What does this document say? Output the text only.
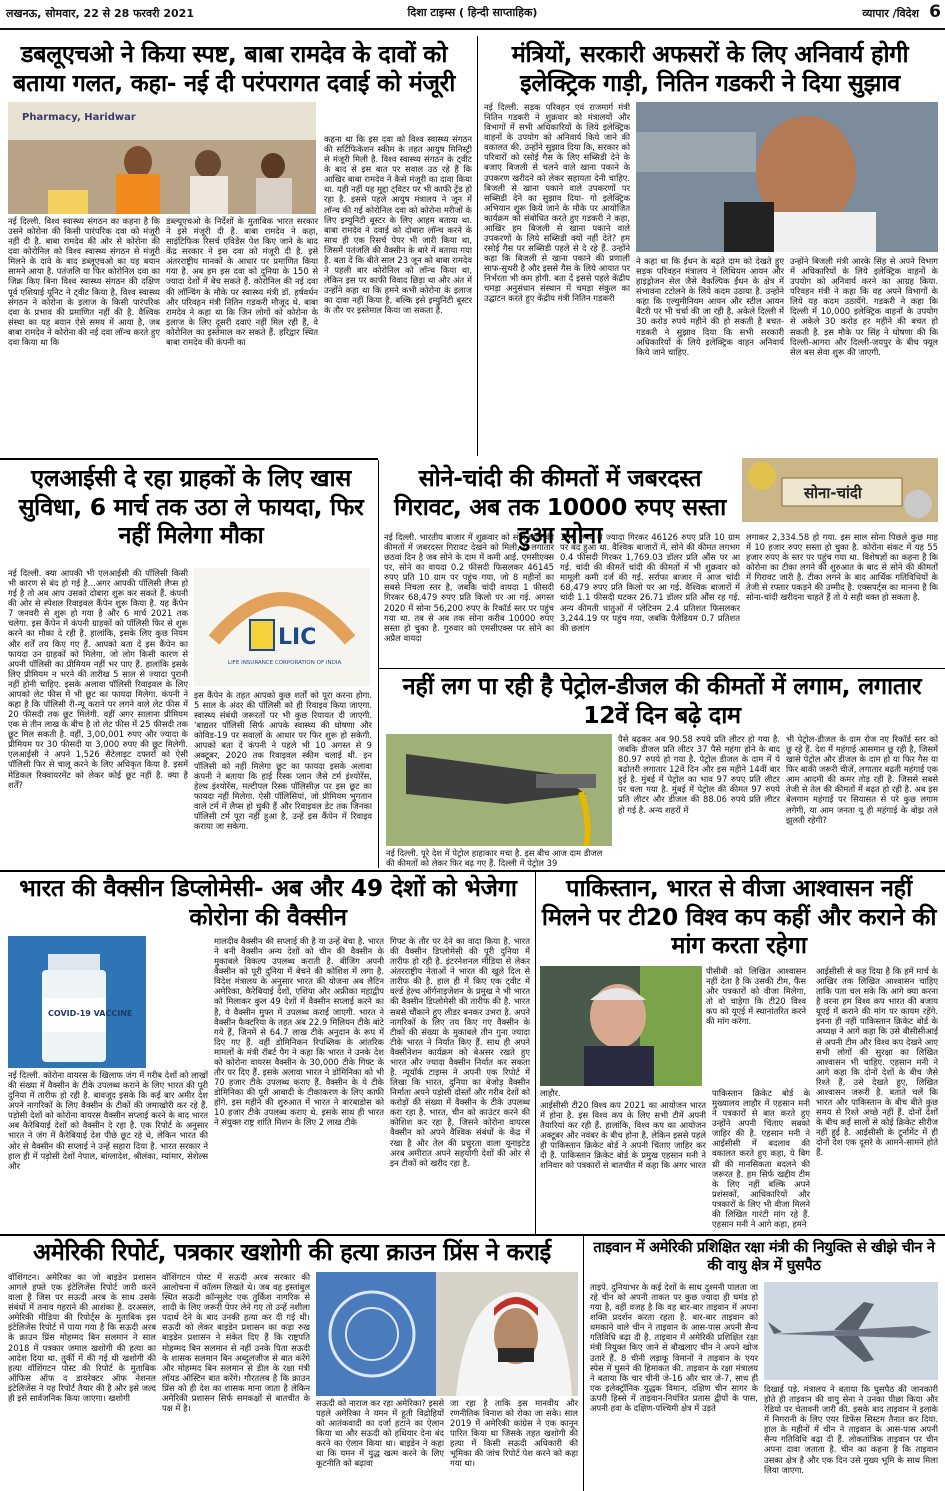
लखनऊ, सोमवार, 22 से 28 फरवरी 2021	दिशा टाइम्स ( हिन्दी साप्ताहिक)	व्यापार /विदेश 6
डबलूएचओ ने किया स्पष्ट, बाबा रामदेव के दावों को बताया गलत, कहा- नई दी परंपरागत दवाई को मंजूरी
Pharmacy, Haridwar
नई दिल्ली. विश्व स्वास्थ्य संगठन का कहना है कि उसने कोरोना की किसी पारंपरिक दवा को मंजूरी नहीं दी है. बाबा रामदेव की ओर से कोरोना की दवा कोरोनिल को विश्व स्वास्थ्य संगठन से मंजूरी मिलने के दावे के बाद डब्लूएचओ का यह बयान सामने आया है. पतंजलि या फिर कोरोनिल दवा का जिक्र किए बिना विश्व स्वास्थ्य संगठन की दक्षिण पूर्व एशियाई यूनिट ने ट्वीट किया है, विश्व स्वास्थ्य संगठन ने कोरोना के इलाज के किसी पारंपरिक दवा के प्रभाव की प्रमाणित नहीं की है. वैश्विक संस्था का यह बयान ऐसे समय में आया है, जब बाबा रामदेव ने कोरोना की नई दवा लॉन्च करते हुए दवा किया था कि
डब्ल्यूएचओ के निर्देशों के मुताबिक भारत सरकार ने इसे मंजूरी दी है. बाबा रामदेव ने कहा, साइंटिफिक रिसर्च एविडेंस पेश किए जाने के बाद केंद्र सरकार ने इस दवा को मंजूरी दी है. इसे अंतरराष्ट्रीय मानकों के आधार पर प्रमाणित किया गया है. अब हम इस दवा को दुनिया के 150 से ज्यादा देशों में बेच सकते हैं. कोरोनिल की नई दवा की लॉन्चिंग के मौके पर स्वास्थ्य मंत्री डॉ. हर्षवर्धन और परिवहन मंत्री नितिन गडकरी मौजूद थे. बाबा रामदेव ने कहा था कि जिन लोगों को कोरोना के इलाज के लिए दूसरी दवाएं नहीं मिल रही हैं, वे कोरोनिल का इस्तेमाल कर सकते हैं. हरिद्वार स्थित बाबा रामदेव की कंपनी का
कहना था कि इस दवा को विश्व स्वास्थ्य संगठन की सर्टिफिकेशन स्कीम के तहत आयुष मिनिस्ट्री से मंजूरी मिली है. विश्व स्वास्थ्य संगठन के ट्वीट के बाद से इस बात पर सवाल उठ रहे हैं कि आखिर बाबा रामदेव ने कैसे मंजूरी का दावा किया था. यही नहीं यह मुद्दा ट्विटर पर भी काफी ट्रेंड हो रहा है. इससे पहले आयुष मंत्रालय ने जून में लॉन्च की गई कोरोनिल दवा को कोरोना मरीजों के लिए इम्युनिटी बूस्टर के लिए आहम बताया था. बाबा रामदेव ने दवाई को दोबारा लॉन्च करने के साथ ही एक रिसर्च पेपर भी जारी किया था, जिसमें पतंजलि की वैक्सीन के बारे में बताया गया है. बता दें कि बीते साल 23 जून को बाबा रामदेव ने पहली बार कोरोनिल को लॉन्च किया था, लेकिन इस पर काफी विवाद छिड़ा था और अंत में उन्होंने कहा था कि हमने कभी कोरोना के इलाज का दावा नहीं किया है, बल्कि इसे इम्युनिटी बूस्टर के तौर पर इस्तेमाल किया जा सकता है.
मंत्रियों, सरकारी अफसरों के लिए अनिवार्य होगी इलेक्ट्रिक गाड़ी, नितिन गडकरी ने दिया सुझाव
नई दिल्ली. सड़क परिवहन एवं राजमार्ग मंत्री नितिन गडकरी ने शुक्रवार को मंत्रालयों और विभागों में सभी अधिकारियों के लिये इलेक्ट्रिक वाहनों के उपयोग को अनिवार्य किये जाने की वकालत की. उन्होंने सुझाव दिया कि, सरकार को परिवारों को रसोई गैस के लिए सब्सिडी देने के बजाए बिजली से चलने वाले खाना पकाने के उपकरण खरीदने को लेकर सहायता देनी चाहिए. बिजली से खाना पकाने वाले उपकरणों पर सब्सिडी देने का सुझाव दिया- गो इलेक्ट्रिक अभियान शुरू किये जाने के मौके पर आयोजित कार्यक्रम को संबोधित करते हुए गडकरी ने कहा, आखिर हम बिजली से खाना पकाने वाले उपकरणों के लिये सब्सिडी क्यों नहीं देते? हम रसोई गैस पर सब्सिडी पहले से दे रहे हैं. उन्होंने कहा कि बिजली से खाना पकाने की प्रणाली साफ-सुथरी है और इससे गैस के लिये आयात पर निर्भरता भी कम होगी. बता दें इससे पहले केंद्रीय चमड़ा अनुसंधान संस्थान में चमड़ा संकुल का उद्घाटन करते हुए केंद्रीय मंत्री नितिन गडकरी
ने कहा था कि ईंधन के बढ़ते दाम को देखते हुए सड़क परिवहन मंत्रालय ने लिथियम आयन और हाइड्रोजन सेल जैसे वैकल्पिक ईंधन के क्षेत्र में संभावना टटोलने के लिये कदम उठाया है. उन्होंने कहा कि एल्युमीनियम आयन और स्टील आयन बैटरी पर भी चर्चा की जा रही है. अकेले दिल्ली में 30 करोड़ रुपये महीने की हो सकती है बचत- गडकरी ने सुझाव दिया कि सभी सरकारी अधिकारियों के लिये इलेक्ट्रिक वाहन अनिवार्य किये जाने चाहिए.
उन्होंने बिजली मंत्री आरके सिंह से अपने विभाग में अधिकारियों के लिये इलेक्ट्रिक वाहनों के उपयोग को अनिवार्य करने का आग्रह किया. परिवहन मंत्री ने कहा कि वह अपने विभागों के लिये यह कदम उठायेंगे. गडकरी ने कहा कि दिल्ली में 10,000 इलेक्ट्रिक वाहनों के उपयोग से अकेले 30 करोड़ हर महीने की बचत हो सकती है. इस मौके पर सिंह ने घोषणा की कि दिल्ली-आगरा और दिल्ली-जयपुर के बीच फ्यूल सेल बस सेवा शुरू की जाएगी.
एलआईसी दे रहा ग्राहकों के लिए खास सुविधा, 6 मार्च तक उठा ले फायदा, फिर नहीं मिलेगा मौका
नई दिल्ली. क्या आपकी भी एलआईसी की पॉलिसी किसी भी कारण से बंद हो गई है...अगर आपकी पॉलिसी लैप्स हो गई है तो अब आप उसको दोबारा शुरू कर सकते हैं. कंपनी की ओर से स्पेशल रिवाइवल कैंपेन शुरू किया है. यह कैंपेन 7 जनवरी से शुरू हो गया है और 6 मार्च 2021 तक चलेगा. इस कैंपेन में कंपनी ग्राहकों को पॉलिसी फिर से शुरू करने का मौका दे रही है. हालांकि, इसके लिए कुछ नियम और शर्तें तय किए गए हैं. आपको बता दें इस कैंपेन का फायदा उन ग्राहकों को मिलेगा, जो लोग किसी कारण से अपनी पॉलिसी का प्रीमियम नहीं भर पाए हैं. हालांकि इसके लिए प्रीमियम न भरने की तारीख 5 साल से ज्यादा पुरानी नहीं होनी चाहिए. इसके अलावा पॉलिसी रिवाइवल के लिए आपको लेट फीस में भी छूट का फायदा मिलेगा. कंपनी ने कहा है कि पॉलिसी री-न्यू कराने पर लगने वाले लेट फीस में 20 फीसदी तक छूट मिलेगी. वहीं अगर सालाना प्रीमियम एक से तीन लाख के बीच है तो लेट फीस में 25 फीसदी तक छूट मिल सकती है. वहीं, 3,00,001 रुपए और ज्यादा के प्रीमियम पर 30 फीसदी या 3,000 रुपए की छूट मिलेगी. एलआईसी ने अपने 1,526 सैटेलाइट दफ्तरों को ऐसी पॉलिसी फिर से चालू करने के लिए अधिकृत किया है. इसमें मेडिकल रिक्वायरमेंट को लेकर कोई छूट नहीं है. क्या है शर्तें?
LIC
LIFE INSURANCE CORPORATION OF INDIA
इस कैंपेन के तहत आपको कुछ शर्तों को पूरा करना होगा. 5 साल के अंदर की पॉलिसी को ही रिवाइव किया जाएगा. स्वास्थ्य संबंधी जरूरतों पर भी कुछ रियायत दी जाएगी. 'बाद्यतर पॉलिसी सिर्फ आपके स्वास्थ्य की घोषणा और कोविड-19 पर सवालों के आधार पर फिर शुरू हो सकेगी. आपको बता दें कंपनी ने पहले भी 10 अगस्त से 9 अक्टूबर, 2020 तक रिवाइवल स्कीम चलाई थी. इन पॉलिसी को नहीं मिलेगा छूट का फायदा इसके अलावा कंपनी ने बताया कि हाई रिस्क प्लान जैसे टर्म इंश्योरेंस, हेल्थ इंश्योरेंस, मल्टीपल रिस्क पॉलिसीज़ पर इस छूट का फायदा नहीं मिलेगा. ऐसी पॉलिसियां, जो प्रीमियम भुगतान वाले टर्म में लैप्स हो चुकी हैं और रिवाइवल डेट तक जिनका पॉलिसी टर्म पूरा नहीं हुआ है, उन्हें इस कैंपेन में रिवाइव कराया जा सकेगा.
सोने-चांदी की कीमतों में जबरदस्त गिरावट, अब तक 10000 रुपए सस्ता हुआ सोना
सोना-चांदी
नई दिल्ली. भारतीय बाजार में शुक्रवार को सोने-चांदी की कीमतों में जबरदस्त गिरावट देखने को मिली, ये लगातार छठवां दिन है जब सोने के दाम में कमी आई. एमसीएक्स पर, सोने का वायदा 0.2 फीसदी फिसलकर 46145 रुपए प्रति 10 ग्राम पर पहुंच गया, जो 8 महीनों का सबसे निचला स्तर है, जबकि चांदी वायदा 1 फीसदी गिरकर 68,479 रुपए प्रति किलो पर आ गई. अगस्त 2020 में सोना 56,200 रुपए के रिकॉर्ड स्तर पर पहुंच गया था. तब से अब तक सोना करीब 10000 रुपए सस्ता हो चुका है. गुरुवार को एमसीएक्स पर सोने का अप्रैल वायदा
100 रुपए से ज्यादा गिरकर 46126 रुपए प्रति 10 ग्राम पर बंद हुआ था. वैश्विक बाजारों में, सोने की कीमत लगभग 0.4 फीसदी गिरकर 1,769.03 डॉलर प्रति औंस पर आ गई. चांदी की कीमतें चांदी की कीमतों में भी शुक्रवार को मामूली कमी दर्ज की गई. सर्राफा बाजार में आज चांदी 68,479 रुपए प्रति किलो पर आ गई. वैश्विक बाजारों में चांदी 1.1 फीसदी घटकर 26.71 डॉलर प्रति औंस रह गई. अन्य कीमती धातुओं में प्लेटिनम 2.4 प्रतिशत फिसलकर 3,244.19 पर पहुंच गया, जबकि पैलेडियम 0.7 प्रतिशत की छलांग
लगाकर 2,334.58 हो गया. इस साल सोना पिछले कुछ माह में 10 हजार रुपए सस्ता हो चुका है. कोरोना संकट में यह 55 हजार रुपए के स्तर पर पहुंच गया था. विशेषज्ञों का कहना है कि कोरोना का टीका लगने की शुरुआत के बाद से सोने की कीमतों में गिरावट जारी है. टीका लगने के बाद आर्थिक गतिविधियों के तेजी से रफ्तार पकड़ने की उम्मीद है. एक्सपर्ट्स का मानना है कि सोना-चांदी खरीदना चाहते हैं तो ये सही वक्त हो सकता है.
नहीं लग पा रही है पेट्रोल-डीजल की कीमतों में लगाम, लगातार 12वें दिन बढ़े दाम
नई दिल्ली. पूरे देश में पेट्रोल हाहाकार मचा है. इस बीच आज दाम डीजल की कीमतों को लेकर फिर बढ़ गए हैं. दिल्ली में पेट्रोल 39
पैसे बढ़कर अब 90.58 रुपये प्रति लीटर हो गया है. जबकि डीजल प्रति लीटर 37 पैसे महंगा होने के बाद 80.97 रुपये हो गया है. पेट्रोल डीजल के दाम में ये बढ़ोतरी लगातार 12वें दिन और इस महीने 14वीं बार हुई है. मुंबई में पेट्रोल का भाव 97 रुपए प्रति लीटर पर चला गया है. मुंबई में पेट्रोल की कीमत 97 रुपये प्रति लीटर और डीजल की 88.06 रुपये प्रति लीटर हो गई है. अन्य शहरों में
भी पेट्रोल-डीजल के दाम रोज नए रिकॉर्ड स्तर को छू रहे हैं. देश में महंगाई आसमान छू रही है, जिसमें खासे पेट्रोल और डीजल के दाम हो या फिर गैस या फिर बाकी जरूरी चीजें, लगातार बढ़ती महंगाई एक आम आदमी की कमर तोड़ रही है. जिससे सबसे तेजी से तेल की कीमतों में बढ़त हो रही है. अब इस बेलगाम महंगाई पर सियासत से परे कुछ लगाम लगेगी, या आम जनता यू ही महंगाई के बोझ तले झुलती रहेगी?
भारत की वैक्सीन डिप्लोमेसी- अब और 49 देशों को भेजेगा कोरोना की वैक्सीन
COVID-19 VACCINE
नई दिल्ली. कोरोना वायरस के खिलाफ जंग में गरीब देशों को लाखों की संख्या में वैक्सीन के टीके उपलब्ध कराने के लिए भारत की पूरी दुनिया में तारीफ हो रही है. बावजूद इसके कि कई बार अमीर देश अपने नागरिकों के लिए वैक्सीन के टीकों की जमाखोरी कर रहे हैं. पड़ोसी देशों को कोरोना वायरस वैक्सीन सप्लाई करने के बाद भारत अब कैरेबियाई देशों को वैक्सीन दे रहा है. एक रिपोर्ट के अनुसार भारत ने जंग में कैरेबियाई देश पीछे छूट रहे थे, लेकिन भारत की ओर से वैक्सीन की सप्लाई ने उन्हें सहारा दिया है. भारत सरकार ने हाल ही में पड़ोसी देशों नेपाल, बांग्लादेश, श्रीलंका, म्यांमार, सेशेल्स और
मालदीव वैक्सीन की सप्लाई की है या उन्हें बेचा है. भारत ने बनी वैक्सीन अन्य देशों को चीन की वैक्सीन के मुकाबले विकल्प उपलब्ध कराती है. बीजिंग अपनी वैक्सीन को पूरी दुनिया में बेचने की कोशिश में लगा है. विदेश मंत्रालय के अनुसार भारत की योजना अब लैटिन अमेरिका, कैरेबियाई देशों, एशिया और अफ्रीका महाद्वीप को मिलाकर कुल 49 देशों में वैक्सीन सप्लाई करने का है, ये वैक्सीन मुफ्त में उपलब्ध कराई जाएगी. भारत ने वैक्सीन फैक्टरिया के तहत अब 22.9 मिलियन टीके बांटे गये हैं, जिनमें से 64.7 लाख टीके अनुदान के रूप में दिए गए हैं. वहीं डोमिनिकन रिपब्लिक के आंतरिक मामलों के मंत्री रॉबर्ट पैग ने कहा कि भारत ने उनके देश को कोरोना वायरस वैक्सीन के 30,000 टीके गिफ्ट के तौर पर दिए हैं. इसके अलावा भारत ने डोमिनिका को भी 70 हजार टीके उपलब्ध कराए हैं. वैक्सीन के ये टीके डोमिनिका की पूरी आबादी के टीकाकरण के लिए काफी होंगे. इस महीने की शुरुआत में भारत ने बारबाडोस को 10 हजार टीके उपलब्ध कराए थे. इसके साथ ही भारत ने संयुक्त राष्ट्र शांति मिशन के लिए 2 लाख टीके
गिफ्ट के तौर पर देने का वादा किया है. भारत की वैक्सीन डिप्लोमेसी की पूरी दुनिया में तारीफ हो रही है. इंटरनेशनल मीडिया से लेकर अंतरराष्ट्रीय नेताओं ने भारत की खुले दिल से तारीफ की है. हाल ही में किए एक ट्वीट में वर्ल्ड हेल्थ ऑर्गनाइजेशन के प्रमुख ने भी भारत की वैक्सीन डिप्लोमेसी की तारीफ की है. भारत सबसे चौंकाने हुए लीडर बनकर उभरा है. अपने नागरिकों के लिए तय किए गए वैक्सीन के टीकों की संख्या के मुकाबले तीन गुना ज्यादा टीके भारत ने निर्यात किए हैं. साथ ही अपने वैक्सीनेशन कार्यक्रम को बेअसर रखते हुए भारत और ज्यादा वैक्सीन निर्यात कर सकता है. न्यूयॉर्क टाइम्स ने अपनी एक रिपोर्ट में लिखा कि भारत, दुनिया का बेजोड़ वैक्सीन निर्माता अपने पड़ोसी दोस्तों और गरीब देशों को करोड़ों की संख्या में वैक्सीन के टीके उपलब्ध करा रहा है. भारत, चीन को काउंटर करने की कोशिश कर रहा है, जिसने कोरोना वायरस वैक्सीन को अपने वैश्विक संबंधों के केंद्र में रखा है और तेल की प्रचुरता वाला यूनाइटेड अरब अमीरात अपने सहयोगी देशों की ओर से इन टीकों को खरीद रहा है.
पाकिस्तान, भारत से वीजा आश्वासन नहीं मिलने पर टी20 विश्व कप कहीं और कराने की मांग करता रहेगा
लाहौर.
पीसीबी को लिखित आश्वासन नहीं देता है कि उसकी टीम, फैंस और पत्रकारों को वीजा मिलेगा, तो वो चाहेगा कि टी20 विश्व कप को यूएई में स्थानांतरित करने की मांग करेगा.
आईसीसी टी20 विश्व कप 2021 का आयोजन भारत में होना है. इस विश्व कप के लिए सभी टीमें अपनी तैयारियां कर रही हैं. हालांकि, विश्व कप का आयोजन अक्टूबर और नवंबर के बीच होना है, लेकिन इससे पहले ही पाकिस्तान क्रिकेट बोर्ड ने अपनी चिंताए जाहिर कर दी हैं. पाकिस्तान क्रिकेट बोर्ड के प्रमुख एहसान मनी ने शनिवार को पत्रकारों से बातचीत में कहा कि अगर भारत
पाकिस्तान क्रिकेट बोर्ड के मुख्यालय लाहौर में एहसान मनी ने पत्रकारों से बात करते हुए उन्होंने अपनी चिंताए सबको जाहिर की है. एहसान मनी ने आईसीसी में बदलाव की वकालत करते हुए कहा, ये बिग थ्री की मानसिकता बदलने की जरूरत है. हम सिर्फ खद्दीय टीम के लिए नहीं बल्कि अपने प्रशंसकों, आधिकारियों और पत्रकारों के लिए भी वीजा मिलने की लिखित गारंटी मांग रहे हैं. एहसान मनी ने आगे कहा, हमने
आईसीसी से कह दिया है कि हमें मार्च के आखिर तक लिखित आश्वासन चाहिए ताकि पता चल सके कि आगे क्या करना है वरना हम विश्व कप भारत की बजाय यूएई में कराने की मांग पर कायम रहेंगे. इनना ही नहीं पाकिस्तान क्रिकेट बोर्ड के अध्यक्ष ने आगे कहा कि उसे बीसीसीआई से अपनी टीम और विश्व कप देखने आए सभी लोगों की सुरक्षा का लिखित आश्वासन भी चाहिए. एहसान मनी ने आगे कहा कि दोनों देशों के बीच जैसे रिश्ते हैं, उसे देखते हुए, लिखित आश्वासन जरूरी है. बताते चलें कि भारत और पाकिस्तान के बीच बीते कुछ समय से रिश्ते अच्छे नहीं हैं. दोनों देशों के बीच कई सालों से कोई क्रिकेट सीरीज नहीं हुई है. आईसीसी के टूर्नामेंट में ही दोनों देश एक दूसरे के आमने-सामने होते हैं.
अमेरिकी रिपोर्ट, पत्रकार खशोगी की हत्या क्राउन प्रिंस ने कराई
वॉशिंगटन। अमेरिका का जो बाइडेन प्रशासन आगले हफ्ते एक इंटेलिजेंस रिपोर्ट जारी करने वाला है जिस पर सऊदी अरब के साथ उसके संबंधों में तनाव गहराने की आशंका है. दरअसल, अमेरिकी मीडिया की रिपोर्ट्स के मुताबिक इस इंटेलिजेंस रिपोर्ट में पाया गया है कि सऊदी अरब के क्राउन प्रिंस मोहम्मद बिन सलमान ने साल 2018 में पत्रकार जमाल खशोगी की हत्या का आदेश दिया था. तुर्की में की गई थी खशोगी की हत्या वॉशिंगटन पोस्ट की रिपोर्ट के मुताबिक ऑफिस ऑफ द डायरेक्टर ऑफ नेशनल इंटेलिजेंस ने यह रिपोर्ट तैयार की है और इसे जल्द ही इसे सार्वजनिक किया जाएगा। खशोगी
वॉशिंगटन पोस्ट में सऊदी अरब सरकार की आलोचना में कॉलम लिखते थे। जब वह इस्तांबुल स्थित सऊदी कॉन्सुलेट एक तुर्किश नागरिक से शादी के लिए जरूरी पेपर लेने गए तो उन्हें नशीला पदार्थ देने के बाद उनकी हत्या कर दी गई थी। सऊदी को लेकर बाइडेन प्रशासन का कड़ा रुख बाइडेन प्रशासन ने संकेत दिए हैं कि राष्ट्रपति मोहम्मद बिन सलमान से नहीं उनके पिता सऊदी के शासक सलमान बिन अब्दुलजीज से बात करेंगे और मोहम्मद बिन सलमान से डील के रक्षा मंत्री लॉयड ऑस्टिन बात करेंगे। गौरतलब है कि क्राउन प्रिंस को ही देश का शासक माना जाता है लेकिन अमेरिकी प्रशासन सिर्फ समकक्षों से बातचीत के पक्ष में है।
सऊदी को नाराज कर रहा अमेरिका? इससे पहले अमेरिका ने यमन में हूती विद्रोहियों को आतंकवादी का दर्जा हटाने का ऐलान किया था और सऊदी को हथियार देना बंद करने का ऐलान किया था। बाइडेन ने कहा था कि यमन में युद्ध खत्म करने के लिए कूटनीति को बढ़ावा
जा रहा है ताकि इस मानवीय और रणनीतिक विनाश को रोका जा सके। साल 2019 में अमेरिकी कांग्रेस ने एक कानून पारित किया था जिसके तहत खशोगी की हत्या में किसी सऊदी अधिकारी की भूमिका की जांच रिपोर्ट पेश करने को कहा गया था।
ताइवान में अमेरिकी प्रशिक्षित रक्षा मंत्री की नियुक्ति से खीझे चीन ने की वायु क्षेत्र में घुसपैठ
ताइपे. दुनियाभर के कई देशों के साथ दुश्मनी पालता जा रहे चीन को अपनी ताकत पर कुछ ज्यादा ही घमंड हो गया है, वहीं वजह है कि वह बार-बार ताइवान में अपना शक्ति प्रदर्शन करता रहता है. बार-बार ताइवान को धमकाने वाले चीन ने ताइवान के आस-पास अपनी सैन्य गतिविधि बढ़ा दी है. ताइवान में अमेरिकी प्रशिक्षित रक्षा मंत्री नियुक्त किए जाने से बौखलाए चीन ने अपने खोज उतारे हैं. 8 चीनी लड़ाकू विमानों ने ताइवान के एयर स्पेस में घुसने की हिमाकत की. ताइवान के रक्षा मंत्रालय ने बताया कि चार चीनी जे-16 और चार जे-7, साथ ही एक इलेक्ट्रॉनिक युद्धक विमान, दक्षिण चीन सागर के ऊपरी हिस्से में ताइवान-नियंत्रित प्रतास द्वीपों के पास, अपनी हवा के दक्षिण-पश्चिमी क्षेत्र में उड़ते
दिखाई पड़े. मंत्रालय ने बताया कि घुसपैठ की जानकारी होते ही ताइवान की वायु सेना ने उनका पीछा किया और रेडियो पर चेतावनी जारी की. इसके बाद ताइवान ने इलाके में निगरानी के लिए एयर डिफेंस सिस्टम तैनात कर दिया. हाल के महीनों में चीन ने ताइवान के आस-पास अपनी सैन्य गतिविधि बढ़ा दी हैं. लोकतांत्रिक ताइवान पर चीन अपना दावा जताता है. चीन का कहना है कि ताइवान उसका क्षेत्र है और एक दिन उसे मुख्य भूमि के साथ मिला लिया जाएगा.
